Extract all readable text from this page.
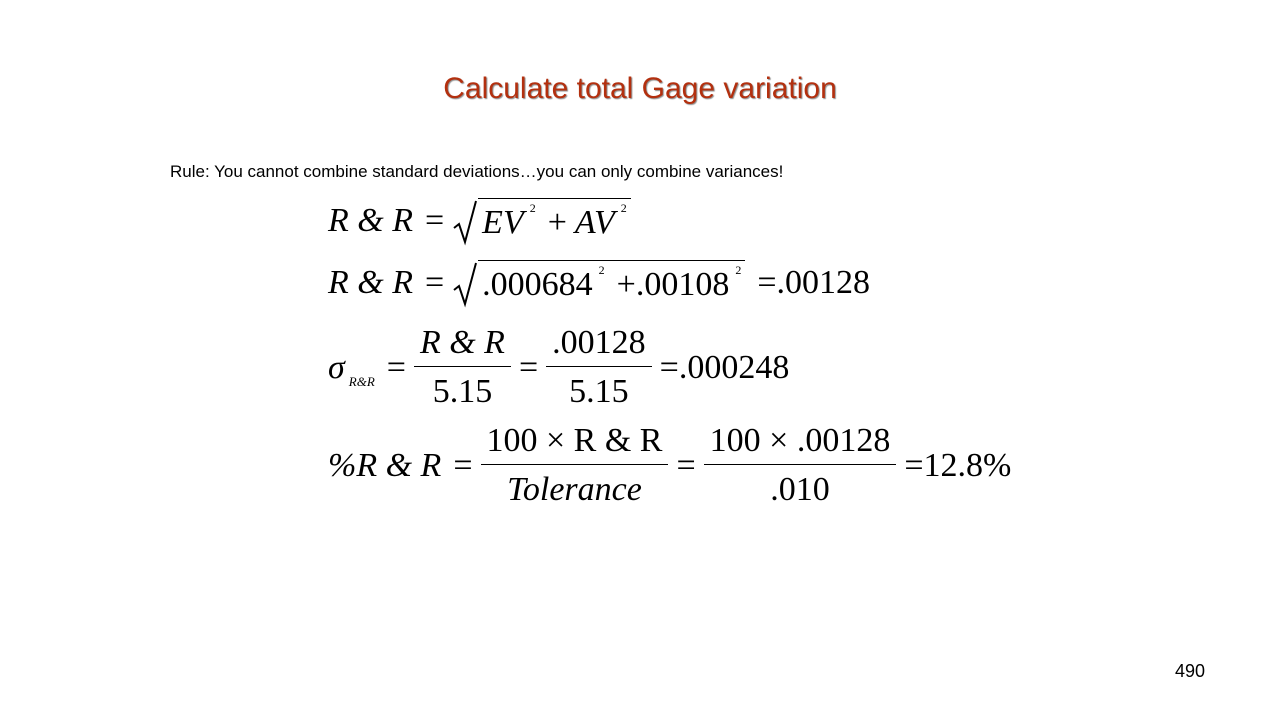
Calculate total Gage variation
Rule: You cannot combine standard deviations…you can only combine variances!
R & R = EV 2 + AV 2
R & R = .000684 2 + .00108 2 = .00128
σ R&R = $\frac{R \& R}{5.15} = \frac{.00128}{5.15} = .000248$
%R & $R = \frac{100 \times R \& R}{\text{Tolerance}} = \frac{100 \times .00128}{.010} = 12.8\%$
490
